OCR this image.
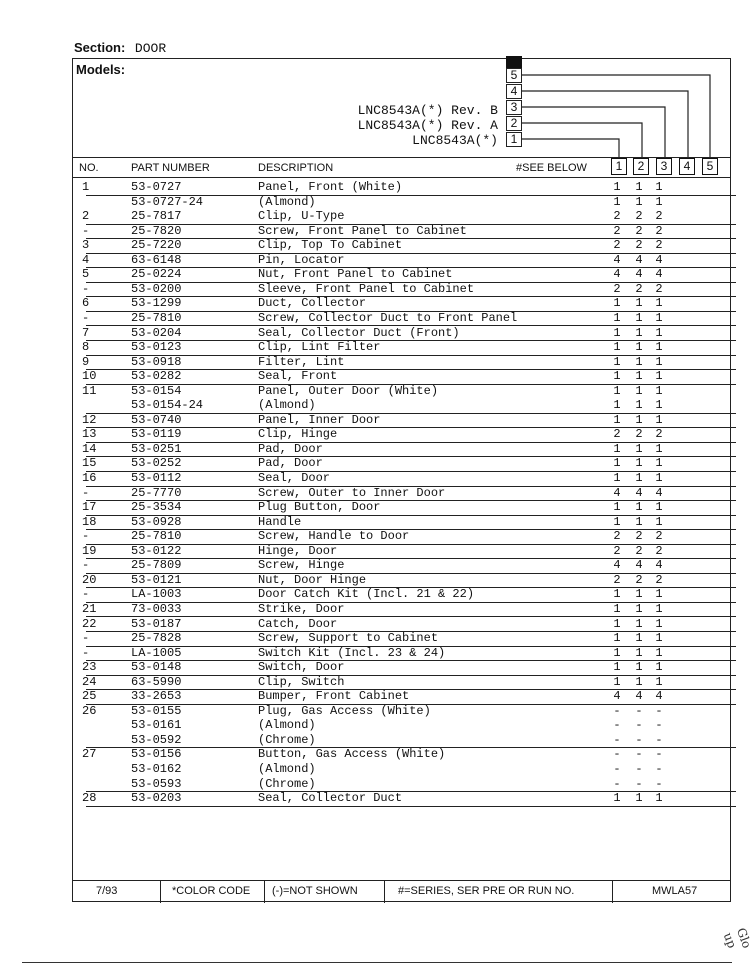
Section: DOOR
Models:
LNC8543A(*) Rev. B
LNC8543A(*) Rev. A
LNC8543A(*)
5
4
3
2
1
NO.	PART NUMBER	DESCRIPTION	#SEE BELOW	1	2	3	4	5
1	53-0727	Panel, Front (White)	1 1 1
53-0727-24	(Almond)	1 1 1
2	25-7817	Clip, U-Type	2 2 2
-	25-7820	Screw, Front Panel to Cabinet	2 2 2
3	25-7220	Clip, Top To Cabinet	2 2 2
4	63-6148	Pin, Locator	4 4 4
5	25-0224	Nut, Front Panel to Cabinet	4 4 4
-	53-0200	Sleeve, Front Panel to Cabinet	2 2 2
6	53-1299	Duct, Collector	1 1 1
-	25-7810	Screw, Collector Duct to Front Panel	1 1 1
7	53-0204	Seal, Collector Duct (Front)	1 1 1
8	53-0123	Clip, Lint Filter	1 1 1
9	53-0918	Filter, Lint	1 1 1
10	53-0282	Seal, Front	1 1 1
11	53-0154	Panel, Outer Door (White)	1 1 1
53-0154-24	(Almond)	1 1 1
12	53-0740	Panel, Inner Door	1 1 1
13	53-0119	Clip, Hinge	2 2 2
14	53-0251	Pad, Door	1 1 1
15	53-0252	Pad, Door	1 1 1
16	53-0112	Seal, Door	1 1 1
-	25-7770	Screw, Outer to Inner Door	4 4 4
17	25-3534	Plug Button, Door	1 1 1
18	53-0928	Handle	1 1 1
-	25-7810	Screw, Handle to Door	2 2 2
19	53-0122	Hinge, Door	2 2 2
-	25-7809	Screw, Hinge	4 4 4
20	53-0121	Nut, Door Hinge	2 2 2
-	LA-1003	Door Catch Kit (Incl. 21 & 22)	1 1 1
21	73-0033	Strike, Door	1 1 1
22	53-0187	Catch, Door	1 1 1
-	25-7828	Screw, Support to Cabinet	1 1 1
-	LA-1005	Switch Kit (Incl. 23 & 24)	1 1 1
23	53-0148	Switch, Door	1 1 1
24	63-5990	Clip, Switch	1 1 1
25	33-2653	Bumper, Front Cabinet	4 4 4
26	53-0155	Plug, Gas Access (White)	- - -
53-0161	(Almond)	- - -
53-0592	(Chrome)	- - -
27	53-0156	Button, Gas Access (White)	- - -
53-0162	(Almond)	- - -
53-0593	(Chrome)	- - -
28	53-0203	Seal, Collector Duct	1 1 1
7/93	*COLOR CODE (-)=NOT SHOWN	#=SERIES, SER PRE OR RUN NO.	MWLA57
Glo up
